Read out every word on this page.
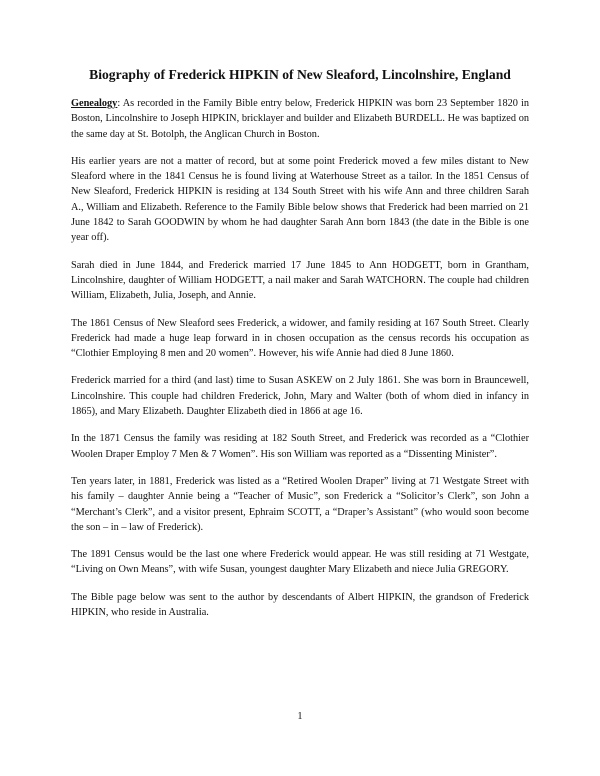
Biography of Frederick HIPKIN of New Sleaford, Lincolnshire, England

Genealogy: As recorded in the Family Bible entry below, Frederick HIPKIN was born 23 September 1820 in Boston, Lincolnshire to Joseph HIPKIN, bricklayer and builder and Elizabeth BURDELL. He was baptized on the same day at St. Botolph, the Anglican Church in Boston.

His earlier years are not a matter of record, but at some point Frederick moved a few miles distant to New Sleaford where in the 1841 Census he is found living at Waterhouse Street as a tailor. In the 1851 Census of New Sleaford, Frederick HIPKIN is residing at 134 South Street with his wife Ann and three children Sarah A., William and Elizabeth. Reference to the Family Bible below shows that Frederick had been married on 21 June 1842 to Sarah GOODWIN by whom he had daughter Sarah Ann born 1843 (the date in the Bible is one year off).

Sarah died in June 1844, and Frederick married 17 June 1845 to Ann HODGETT, born in Grantham, Lincolnshire, daughter of William HODGETT, a nail maker and Sarah WATCHORN. The couple had children William, Elizabeth, Julia, Joseph, and Annie.

The 1861 Census of New Sleaford sees Frederick, a widower, and family residing at 167 South Street. Clearly Frederick had made a huge leap forward in in chosen occupation as the census records his occupation as “Clothier Employing 8 men and 20 women”. However, his wife Annie had died 8 June 1860.

Frederick married for a third (and last) time to Susan ASKEW on 2 July 1861. She was born in Brauncewell, Lincolnshire. This couple had children Frederick, John, Mary and Walter (both of whom died in infancy in 1865), and Mary Elizabeth. Daughter Elizabeth died in 1866 at age 16.

In the 1871 Census the family was residing at 182 South Street, and Frederick was recorded as a “Clothier Woolen Draper Employ 7 Men & 7 Women”. His son William was reported as a “Dissenting Minister”.

Ten years later, in 1881, Frederick was listed as a “Retired Woolen Draper” living at 71 Westgate Street with his family – daughter Annie being a “Teacher of Music”, son Frederick a “Solicitor’s Clerk”, son John a “Merchant’s Clerk”, and a visitor present, Ephraim SCOTT, a “Draper’s Assistant” (who would soon become the son – in – law of Frederick).

The 1891 Census would be the last one where Frederick would appear. He was still residing at 71 Westgate, “Living on Own Means”, with wife Susan, youngest daughter Mary Elizabeth and niece Julia GREGORY.

The Bible page below was sent to the author by descendants of Albert HIPKIN, the grandson of Frederick HIPKIN, who reside in Australia.

1
